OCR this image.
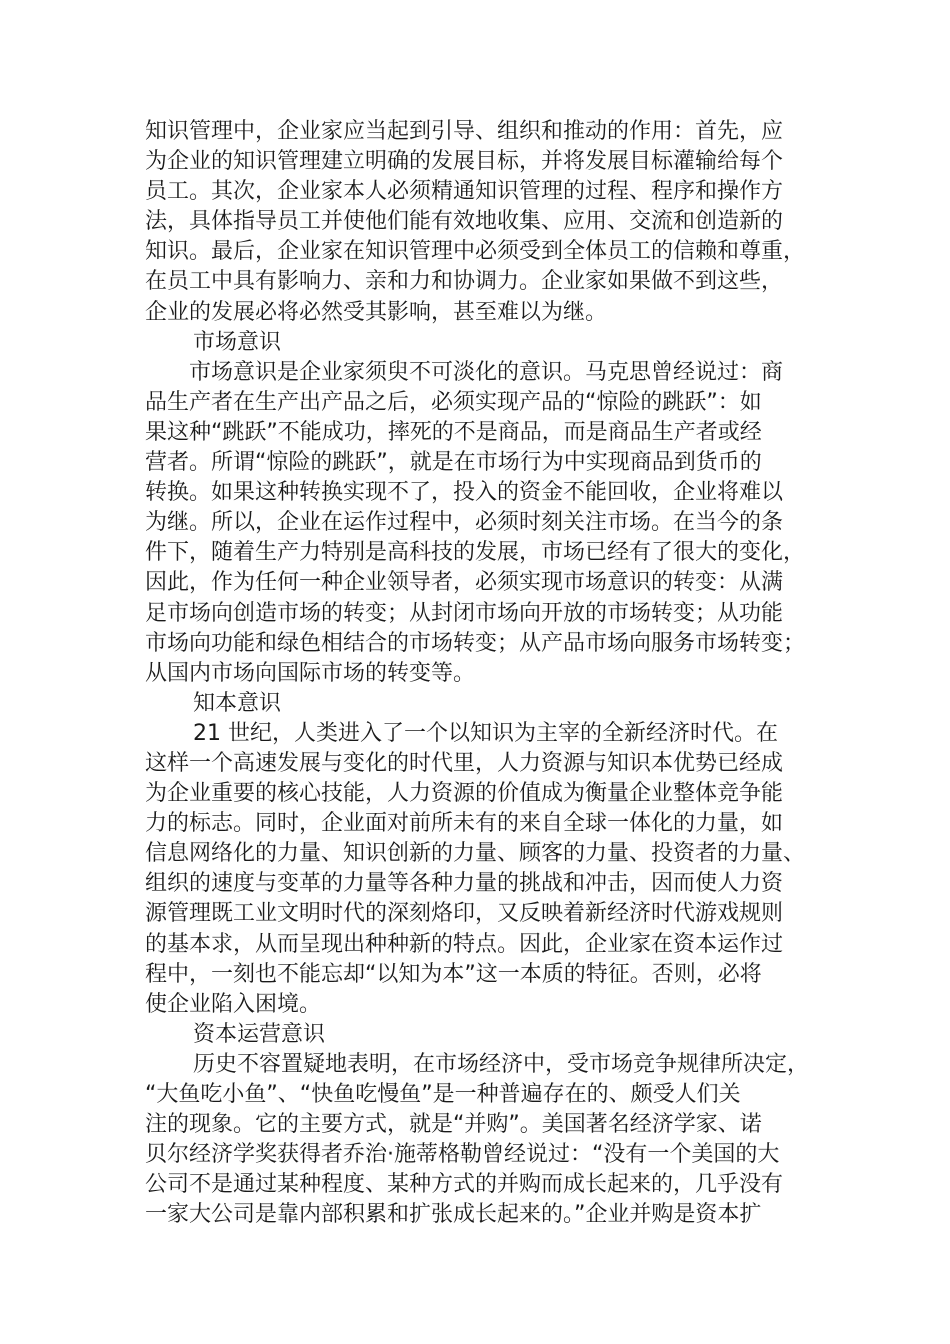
知识管理中，企业家应当起到引导、组织和推动的作用：首先，应
为企业的知识管理建立明确的发展目标，并将发展目标灌输给每个
员工。其次，企业家本人必须精通知识管理的过程、程序和操作方
法，具体指导员工并使他们能有效地收集、应用、交流和创造新的
知识。最后，企业家在知识管理中必须受到全体员工的信赖和尊重，
在员工中具有影响力、亲和力和协调力。企业家如果做不到这些，
企业的发展必将必然受其影响，甚至难以为继。
市场意识
市场意识是企业家须臾不可淡化的意识。马克思曾经说过：商
品生产者在生产出产品之后，必须实现产品的“惊险的跳跃”：如
果这种“跳跃”不能成功，摔死的不是商品，而是商品生产者或经
营者。所谓“惊险的跳跃”，就是在市场行为中实现商品到货币的
转换。如果这种转换实现不了，投入的资金不能回收，企业将难以
为继。所以，企业在运作过程中，必须时刻关注市场。在当今的条
件下，随着生产力特别是高科技的发展，市场已经有了很大的变化，
因此，作为任何一种企业领导者，必须实现市场意识的转变：从满
足市场向创造市场的转变；从封闭市场向开放的市场转变；从功能
市场向功能和绿色相结合的市场转变；从产品市场向服务市场转变；
从国内市场向国际市场的转变等。
知本意识
21 世纪，人类进入了一个以知识为主宰的全新经济时代。在
这样一个高速发展与变化的时代里，人力资源与知识本优势已经成
为企业重要的核心技能，人力资源的价值成为衡量企业整体竞争能
力的标志。同时，企业面对前所未有的来自全球一体化的力量，如
信息网络化的力量、知识创新的力量、顾客的力量、投资者的力量、
组织的速度与变革的力量等各种力量的挑战和冲击，因而使人力资
源管理既工业文明时代的深刻烙印，又反映着新经济时代游戏规则
的基本求，从而呈现出种种新的特点。因此，企业家在资本运作过
程中，一刻也不能忘却“以知为本”这一本质的特征。否则，必将
使企业陷入困境。
资本运营意识
历史不容置疑地表明，在市场经济中，受市场竞争规律所决定，
“大鱼吃小鱼”、“快鱼吃慢鱼”是一种普遍存在的、颇受人们关
注的现象。它的主要方式，就是“并购”。美国著名经济学家、诺
贝尔经济学奖获得者乔治·施蒂格勒曾经说过：“没有一个美国的大
公司不是通过某种程度、某种方式的并购而成长起来的，几乎没有
一家大公司是靠内部积累和扩张成长起来的。”企业并购是资本扩
